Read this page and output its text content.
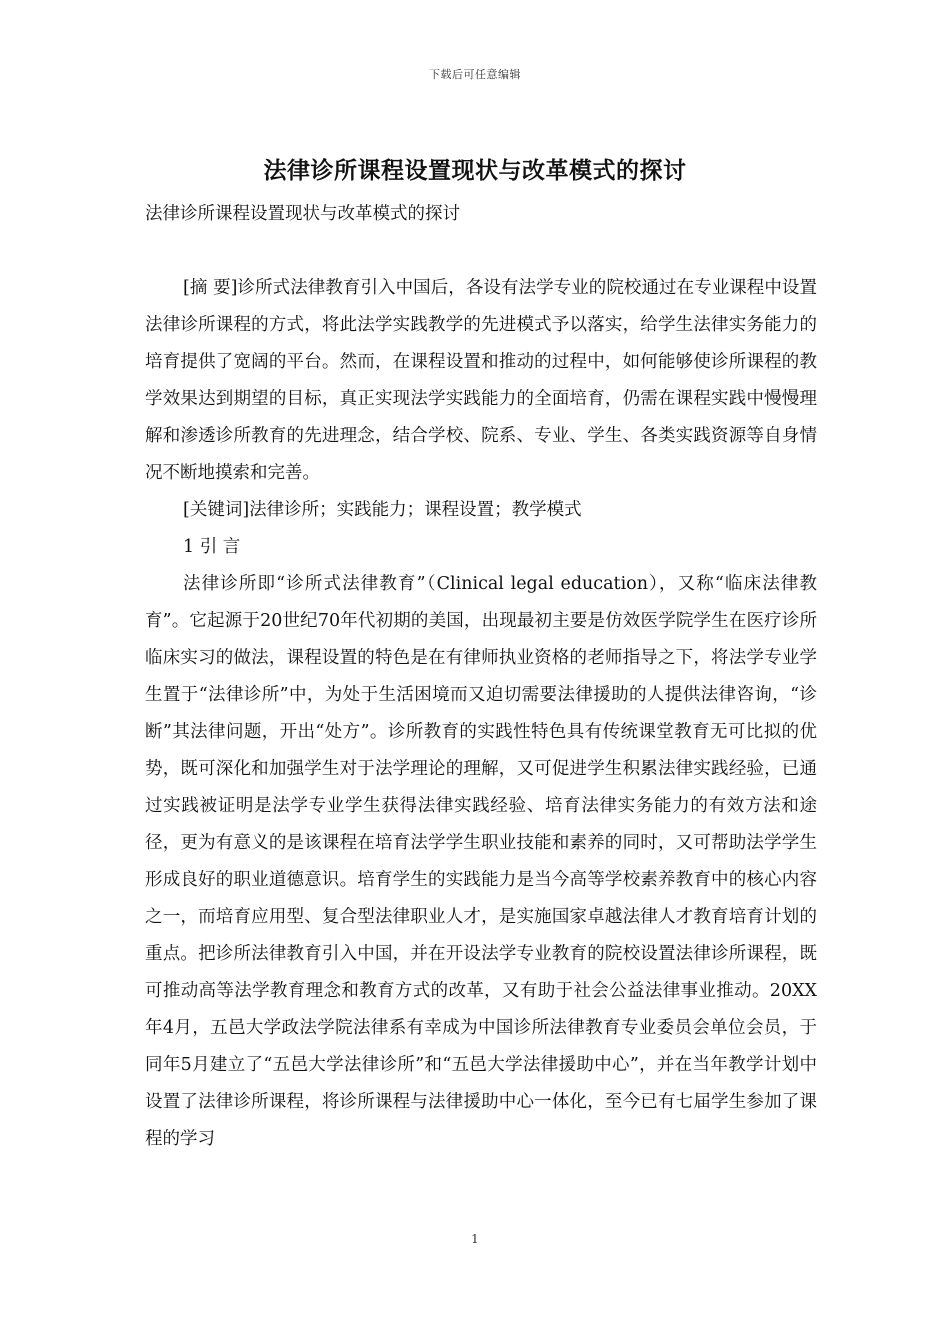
下载后可任意编辑
法律诊所课程设置现状与改革模式的探讨

法律诊所课程设置现状与改革模式的探讨

[摘 要]诊所式法律教育引入中国后，各设有法学专业的院校通过在专业课程中设置法律诊所课程的方式，将此法学实践教学的先进模式予以落实，给学生法律实务能力的培育提供了宽阔的平台。然而，在课程设置和推动的过程中，如何能够使诊所课程的教学效果达到期望的目标，真正实现法学实践能力的全面培育，仍需在课程实践中慢慢理解和渗透诊所教育的先进理念，结合学校、院系、专业、学生、各类实践资源等自身情况不断地摸索和完善。

[关键词]法律诊所；实践能力；课程设置；教学模式

1 引 言

法律诊所即“诊所式法律教育”（Clinical legal education），又称“临床法律教育”。它起源于20世纪70年代初期的美国，出现最初主要是仿效医学院学生在医疗诊所临床实习的做法，课程设置的特色是在有律师执业资格的老师指导之下，将法学专业学生置于“法律诊所”中，为处于生活困境而又迫切需要法律援助的人提供法律咨询，“诊断”其法律问题，开出“处方”。诊所教育的实践性特色具有传统课堂教育无可比拟的优势，既可深化和加强学生对于法学理论的理解，又可促进学生积累法律实践经验，已通过实践被证明是法学专业学生获得法律实践经验、培育法律实务能力的有效方法和途径，更为有意义的是该课程在培育法学学生职业技能和素养的同时，又可帮助法学学生形成良好的职业道德意识。培育学生的实践能力是当今高等学校素养教育中的核心内容之一，而培育应用型、复合型法律职业人才，是实施国家卓越法律人才教育培育计划的重点。把诊所法律教育引入中国，并在开设法学专业教育的院校设置法律诊所课程，既可推动高等法学教育理念和教育方式的改革，又有助于社会公益法律事业推动。20XX年4月，五邑大学政法学院法律系有幸成为中国诊所法律教育专业委员会单位会员，于同年5月建立了“五邑大学法律诊所”和“五邑大学法律援助中心”，并在当年教学计划中设置了法律诊所课程，将诊所课程与法律援助中心一体化，至今已有七届学生参加了课程的学习

1
